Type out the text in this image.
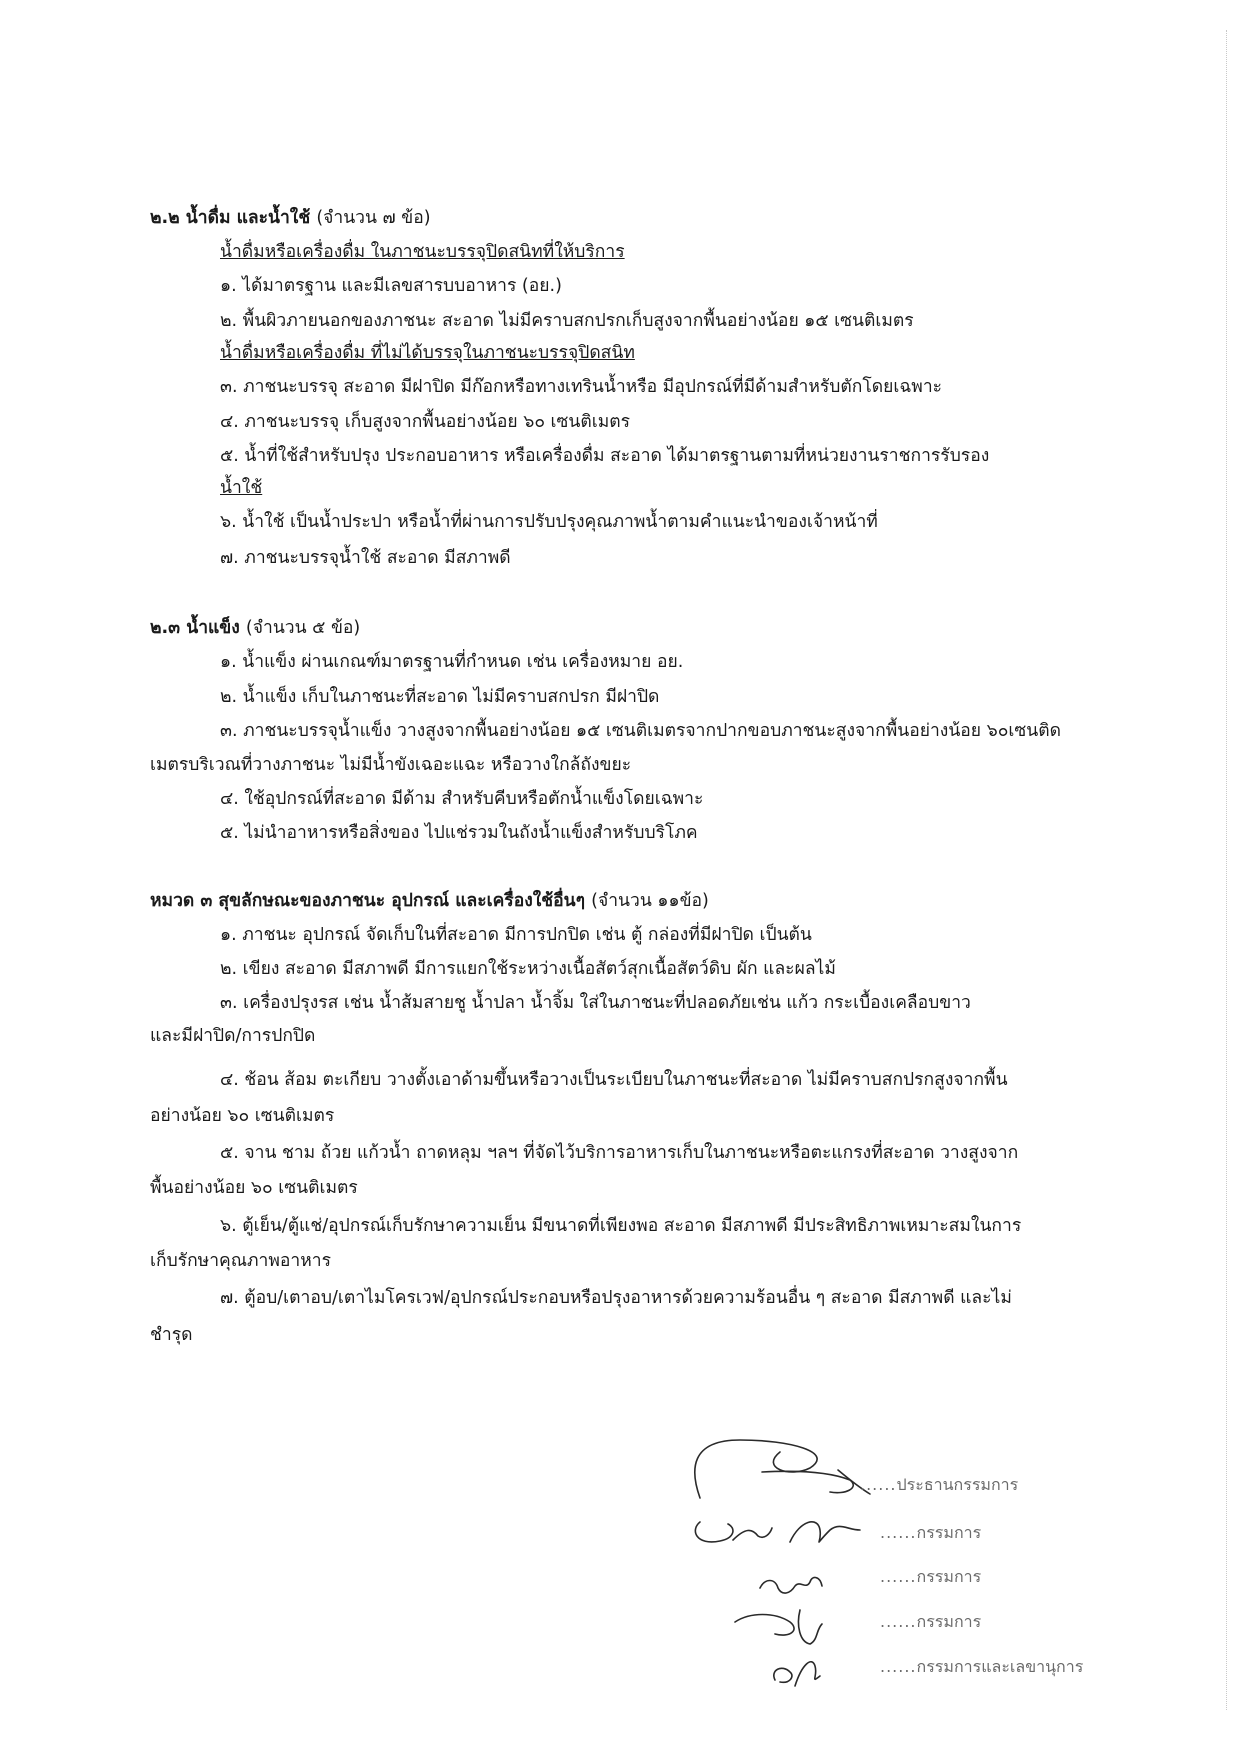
๒.๒ น้ำดื่ม และน้ำใช้ (จำนวน ๗ ข้อ)
น้ำดื่มหรือเครื่องดื่ม ในภาชนะบรรจุปิดสนิทที่ให้บริการ
๑. ได้มาตรฐาน และมีเลขสารบบอาหาร (อย.)
๒. พื้นผิวภายนอกของภาชนะ สะอาด ไม่มีคราบสกปรกเก็บสูงจากพื้นอย่างน้อย ๑๕ เซนติเมตร
น้ำดื่มหรือเครื่องดื่ม ที่ไม่ได้บรรจุในภาชนะบรรจุปิดสนิท
๓. ภาชนะบรรจุ สะอาด มีฝาปิด มีก๊อกหรือทางเทรินน้ำหรือ มีอุปกรณ์ที่มีด้ามสำหรับตักโดยเฉพาะ
๔. ภาชนะบรรจุ เก็บสูงจากพื้นอย่างน้อย ๖๐ เซนติเมตร
๕. น้ำที่ใช้สำหรับปรุง ประกอบอาหาร หรือเครื่องดื่ม สะอาด ได้มาตรฐานตามที่หน่วยงานราชการรับรอง
น้ำใช้
๖. น้ำใช้ เป็นน้ำประปา หรือน้ำที่ผ่านการปรับปรุงคุณภาพน้ำตามคำแนะนำของเจ้าหน้าที่
๗. ภาชนะบรรจุน้ำใช้ สะอาด มีสภาพดี
๒.๓ น้ำแข็ง (จำนวน ๕ ข้อ)
๑. น้ำแข็ง ผ่านเกณฑ์มาตรฐานที่กำหนด เช่น เครื่องหมาย อย.
๒. น้ำแข็ง เก็บในภาชนะที่สะอาด ไม่มีคราบสกปรก มีฝาปิด
๓. ภาชนะบรรจุน้ำแข็ง วางสูงจากพื้นอย่างน้อย ๑๕ เซนติเมตรจากปากขอบภาชนะสูงจากพื้นอย่างน้อย ๖๐เซนติด
เมตรบริเวณที่วางภาชนะ ไม่มีน้ำขังเฉอะแฉะ หรือวางใกล้ถังขยะ
๔. ใช้อุปกรณ์ที่สะอาด มีด้าม สำหรับคีบหรือตักน้ำแข็งโดยเฉพาะ
๕. ไม่นำอาหารหรือสิ่งของ ไปแช่รวมในถังน้ำแข็งสำหรับบริโภค
หมวด ๓ สุขลักษณะของภาชนะ อุปกรณ์ และเครื่องใช้อื่นๆ (จำนวน ๑๑ข้อ)
๑. ภาชนะ อุปกรณ์ จัดเก็บในที่สะอาด มีการปกปิด เช่น ตู้ กล่องที่มีฝาปิด เป็นต้น
๒. เขียง สะอาด มีสภาพดี มีการแยกใช้ระหว่างเนื้อสัตว์สุกเนื้อสัตว์ดิบ ผัก และผลไม้
๓. เครื่องปรุงรส เช่น น้ำส้มสายชู น้ำปลา น้ำจิ้ม ใส่ในภาชนะที่ปลอดภัยเช่น แก้ว กระเบื้องเคลือบขาว
และมีฝาปิด/การปกปิด
๔. ช้อน ส้อม ตะเกียบ วางตั้งเอาด้ามขึ้นหรือวางเป็นระเบียบในภาชนะที่สะอาด ไม่มีคราบสกปรกสูงจากพื้น
อย่างน้อย ๖๐ เซนติเมตร
๕. จาน ชาม ถ้วย แก้วน้ำ ถาดหลุม ฯลฯ ที่จัดไว้บริการอาหารเก็บในภาชนะหรือตะแกรงที่สะอาด วางสูงจาก
พื้นอย่างน้อย ๖๐ เซนติเมตร
๖. ตู้เย็น/ตู้แช่/อุปกรณ์เก็บรักษาความเย็น มีขนาดที่เพียงพอ สะอาด มีสภาพดี มีประสิทธิภาพเหมาะสมในการ
เก็บรักษาคุณภาพอาหาร
๗. ตู้อบ/เตาอบ/เตาไมโครเวฟ/อุปกรณ์ประกอบหรือปรุงอาหารด้วยความร้อนอื่น ๆ สะอาด มีสภาพดี และไม่
ชำรุด
......ประธานกรรมการ
......กรรมการ
......กรรมการ
......กรรมการ
......กรรมการและเลขานุการ
